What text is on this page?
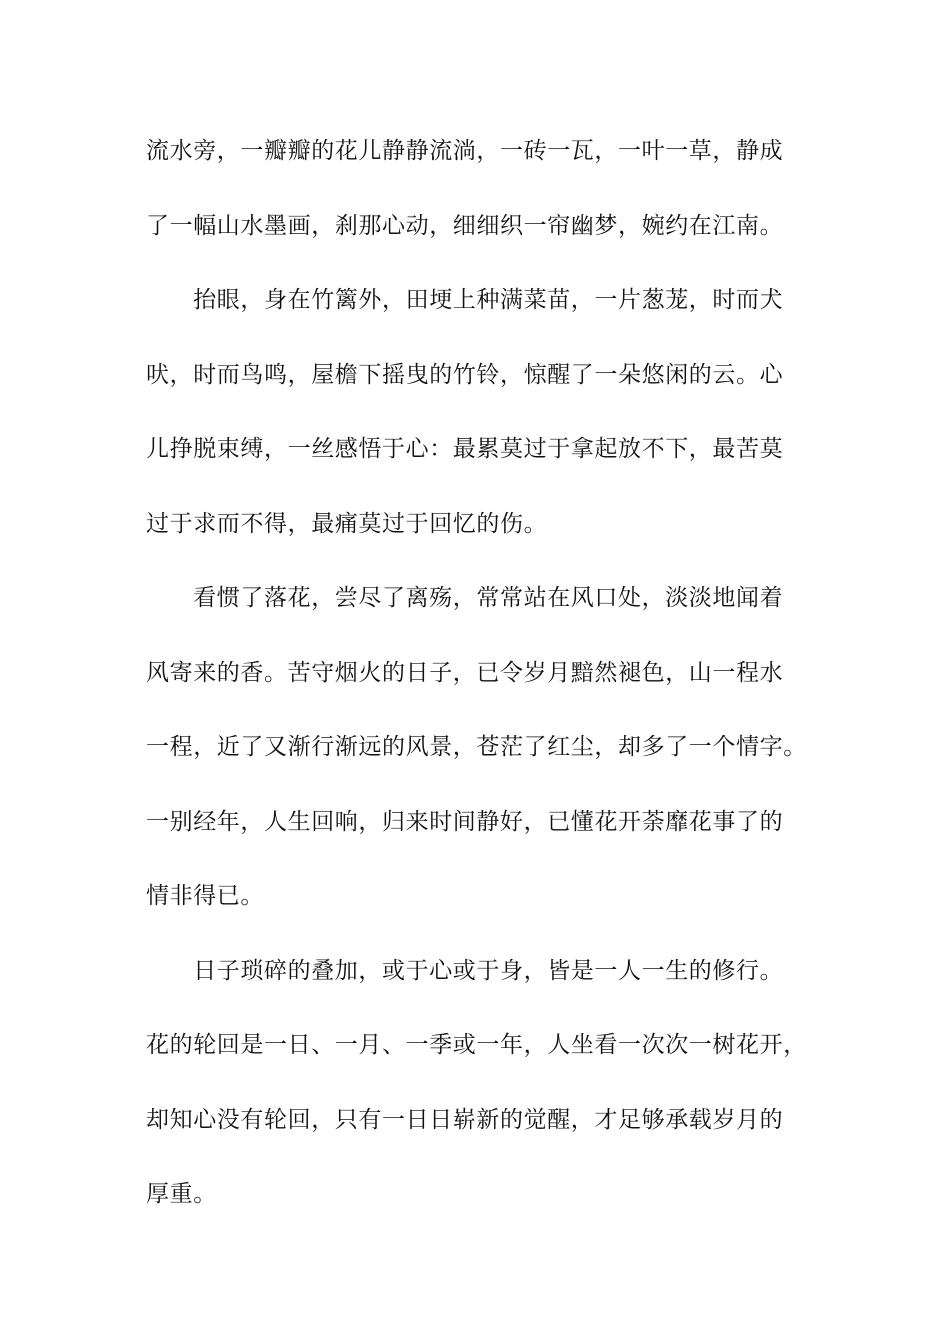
流水旁，一瓣瓣的花儿静静流淌，一砖一瓦，一叶一草，静成
了一幅山水墨画，刹那心动，细细织一帘幽梦，婉约在江南。
　　抬眼，身在竹篱外，田埂上种满菜苗，一片葱茏，时而犬
吠，时而鸟鸣，屋檐下摇曳的竹铃，惊醒了一朵悠闲的云。心
儿挣脱束缚，一丝感悟于心：最累莫过于拿起放不下，最苦莫
过于求而不得，最痛莫过于回忆的伤。
　　看惯了落花，尝尽了离殇，常常站在风口处，淡淡地闻着
风寄来的香。苦守烟火的日子，已令岁月黯然褪色，山一程水
一程，近了又渐行渐远的风景，苍茫了红尘，却多了一个情字。
一别经年，人生回响，归来时间静好，已懂花开荼靡花事了的
情非得已。
　　日子琐碎的叠加，或于心或于身，皆是一人一生的修行。
花的轮回是一日、一月、一季或一年，人坐看一次次一树花开，
却知心没有轮回，只有一日日崭新的觉醒，才足够承载岁月的
厚重。
